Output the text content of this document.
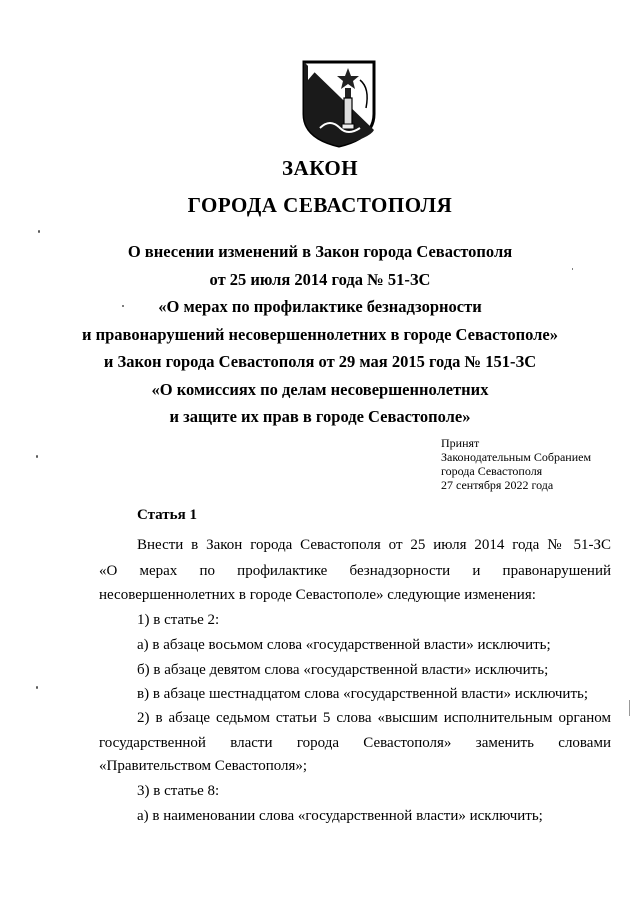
ЗАКОН
ГОРОДА СЕВАСТОПОЛЯ
О внесении изменений в Закон города Севастополя
от 25 июля 2014 года № 51-ЗС
«О мерах по профилактике безнадзорности
и правонарушений несовершеннолетних в городе Севастополе»
и Закон города Севастополя от 29 мая 2015 года № 151-ЗС
«О комиссиях по делам несовершеннолетних
и защите их прав в городе Севастополе»
Принят
Законодательным Собранием
города Севастополя
27 сентября 2022 года
Статья 1
Внести в Закон города Севастополя от 25 июля 2014 года № 51-ЗС
«О мерах по профилактике безнадзорности и правонарушений
несовершеннолетних в городе Севастополе» следующие изменения:
1) в статье 2:
а) в абзаце восьмом слова «государственной власти» исключить;
б) в абзаце девятом слова «государственной власти» исключить;
в) в абзаце шестнадцатом слова «государственной власти» исключить;
2) в абзаце седьмом статьи 5 слова «высшим исполнительным органом
государственной власти города Севастополя» заменить словами
«Правительством Севастополя»;
3) в статье 8:
а) в наименовании слова «государственной власти» исключить;
